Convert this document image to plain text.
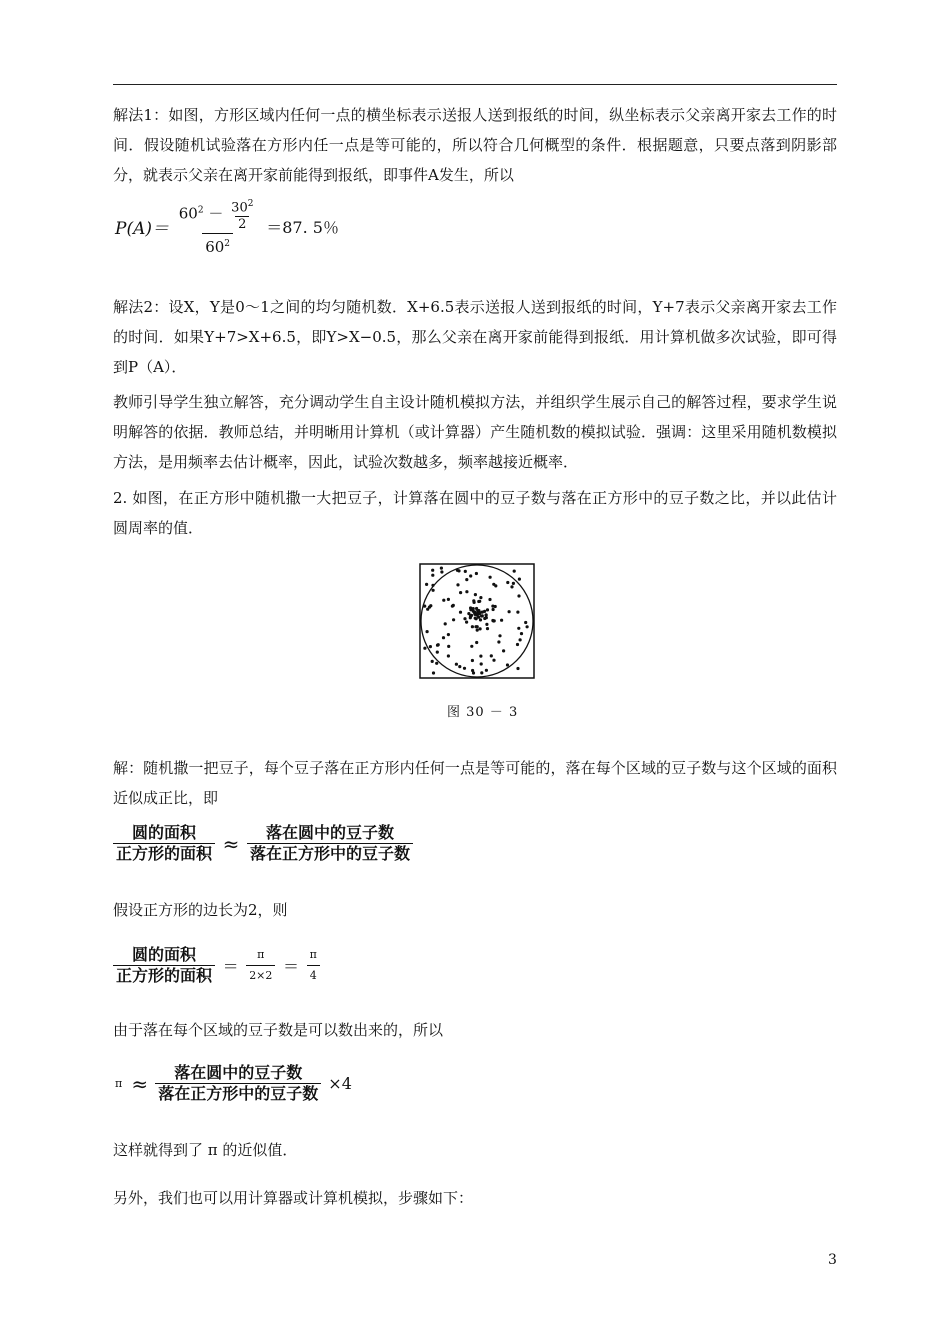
解法1：如图，方形区域内任何一点的横坐标表示送报人送到报纸的时间，纵坐标表示父亲离开家去工作的时间．假设随机试验落在方形内任一点是等可能的，所以符合几何概型的条件．根据题意，只要点落到阴影部分，就表示父亲在离开家前能得到报纸，即事件A发生，所以

$P(A)= \frac{60^2 - \frac{30^2}{2}}{60^2} =87$. 5％

解法2：设X，Y是0～1之间的均匀随机数．X+6.5表示送报人送到报纸的时间，Y+7表示父亲离开家去工作的时间．如果Y+7>X+6.5，即Y>X−0.5，那么父亲在离开家前能得到报纸．用计算机做多次试验，即可得到P（A）．

教师引导学生独立解答，充分调动学生自主设计随机模拟方法，并组织学生展示自己的解答过程，要求学生说明解答的依据．教师总结，并明晰用计算机（或计算器）产生随机数的模拟试验．强调：这里采用随机数模拟方法，是用频率去估计概率，因此，试验次数越多，频率越接近概率．

2. 如图，在正方形中随机撒一大把豆子，计算落在圆中的豆子数与落在正方形中的豆子数之比，并以此估计圆周率的值．

图 30 － 3

解：随机撒一把豆子，每个豆子落在正方形内任何一点是等可能的，落在每个区域的豆子数与这个区域的面积近似成正比，即

$\frac{\text{圆的面积}}{\text{正方形的面积}} \approx \frac{\text{落在圆中的豆子数}}{\text{落在正方形中的豆子数}}$

假设正方形的边长为2，则

$\frac{\text{圆的面积}}{\text{正方形的面积}} = \frac{\pi}{2\times 2} = \frac{\pi}{4}$

由于落在每个区域的豆子数是可以数出来的，所以

$\pi \approx \frac{\text{落在圆中的豆子数}}{\text{落在正方形中的豆子数}} \times 4$

这样就得到了 π 的近似值．

另外，我们也可以用计算器或计算机模拟，步骤如下：

3
